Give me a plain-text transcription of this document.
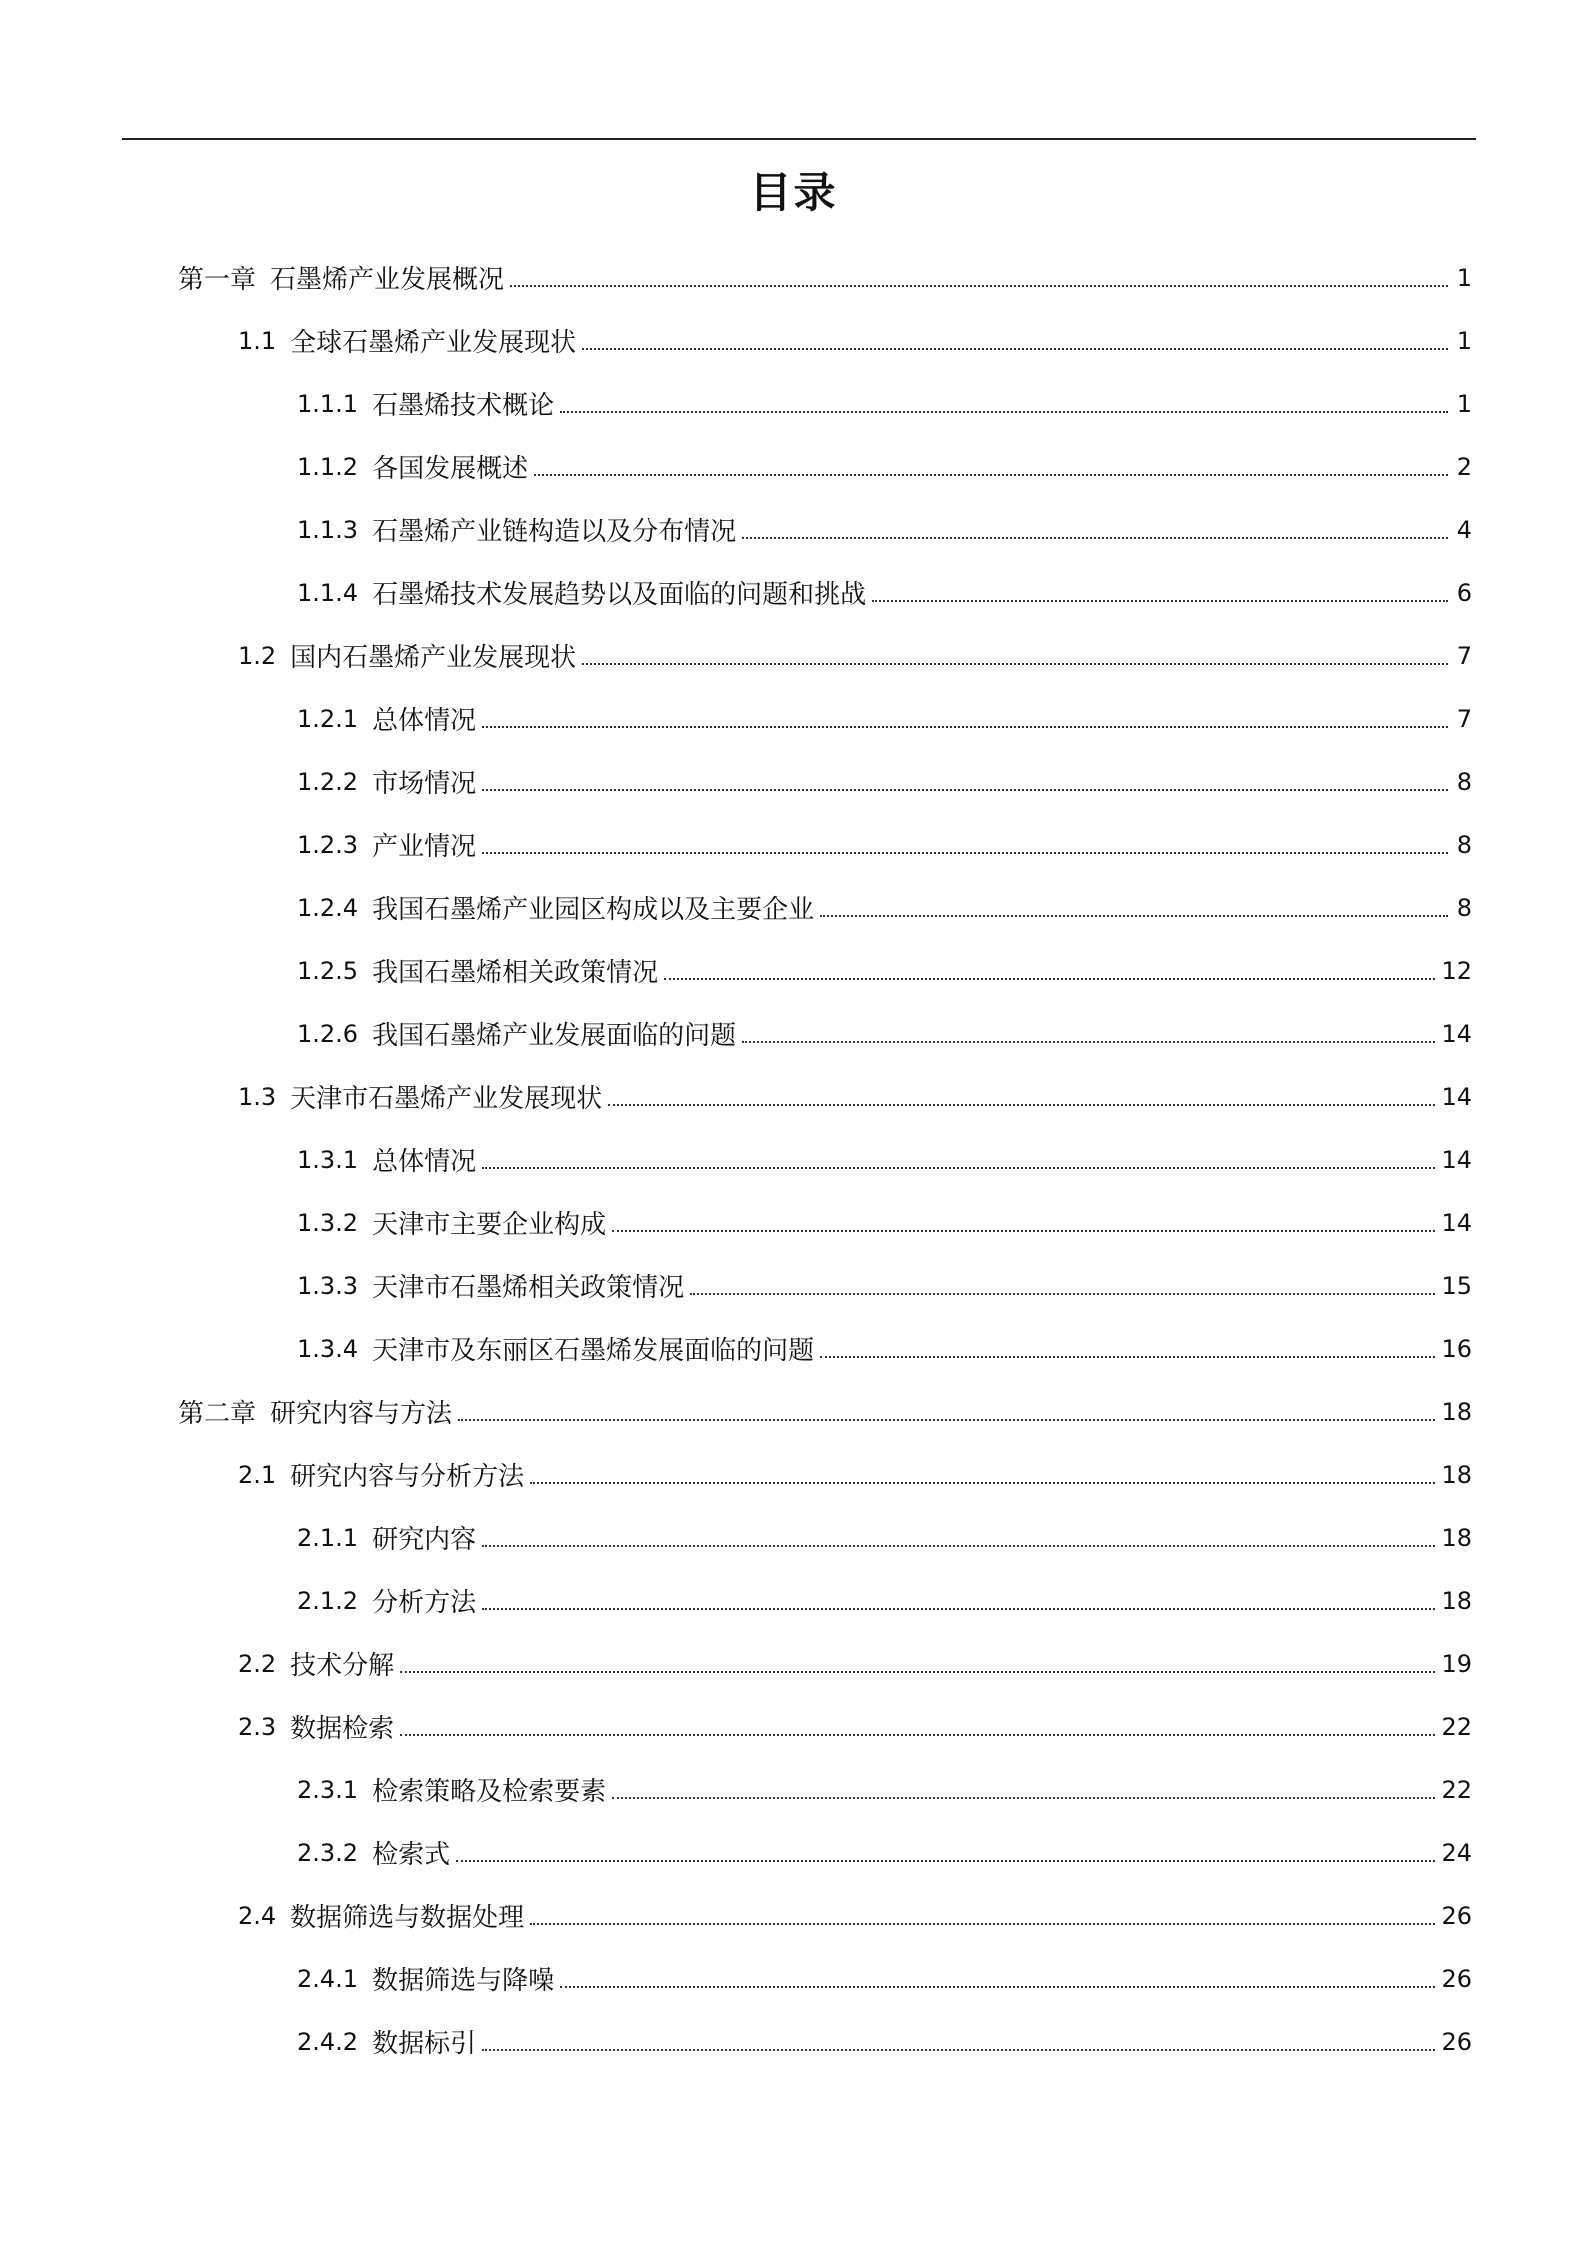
目录
第一章 石墨烯产业发展概况	1
1.1 全球石墨烯产业发展现状	1
1.1.1 石墨烯技术概论	1
1.1.2 各国发展概述	2
1.1.3 石墨烯产业链构造以及分布情况	4
1.1.4 石墨烯技术发展趋势以及面临的问题和挑战	6
1.2 国内石墨烯产业发展现状	7
1.2.1 总体情况	7
1.2.2 市场情况	8
1.2.3 产业情况	8
1.2.4 我国石墨烯产业园区构成以及主要企业	8
1.2.5 我国石墨烯相关政策情况	12
1.2.6 我国石墨烯产业发展面临的问题	14
1.3 天津市石墨烯产业发展现状	14
1.3.1 总体情况	14
1.3.2 天津市主要企业构成	14
1.3.3 天津市石墨烯相关政策情况	15
1.3.4 天津市及东丽区石墨烯发展面临的问题	16
第二章 研究内容与方法	18
2.1 研究内容与分析方法	18
2.1.1 研究内容	18
2.1.2 分析方法	18
2.2 技术分解	19
2.3 数据检索	22
2.3.1 检索策略及检索要素	22
2.3.2 检索式	24
2.4 数据筛选与数据处理	26
2.4.1 数据筛选与降噪	26
2.4.2 数据标引	26
